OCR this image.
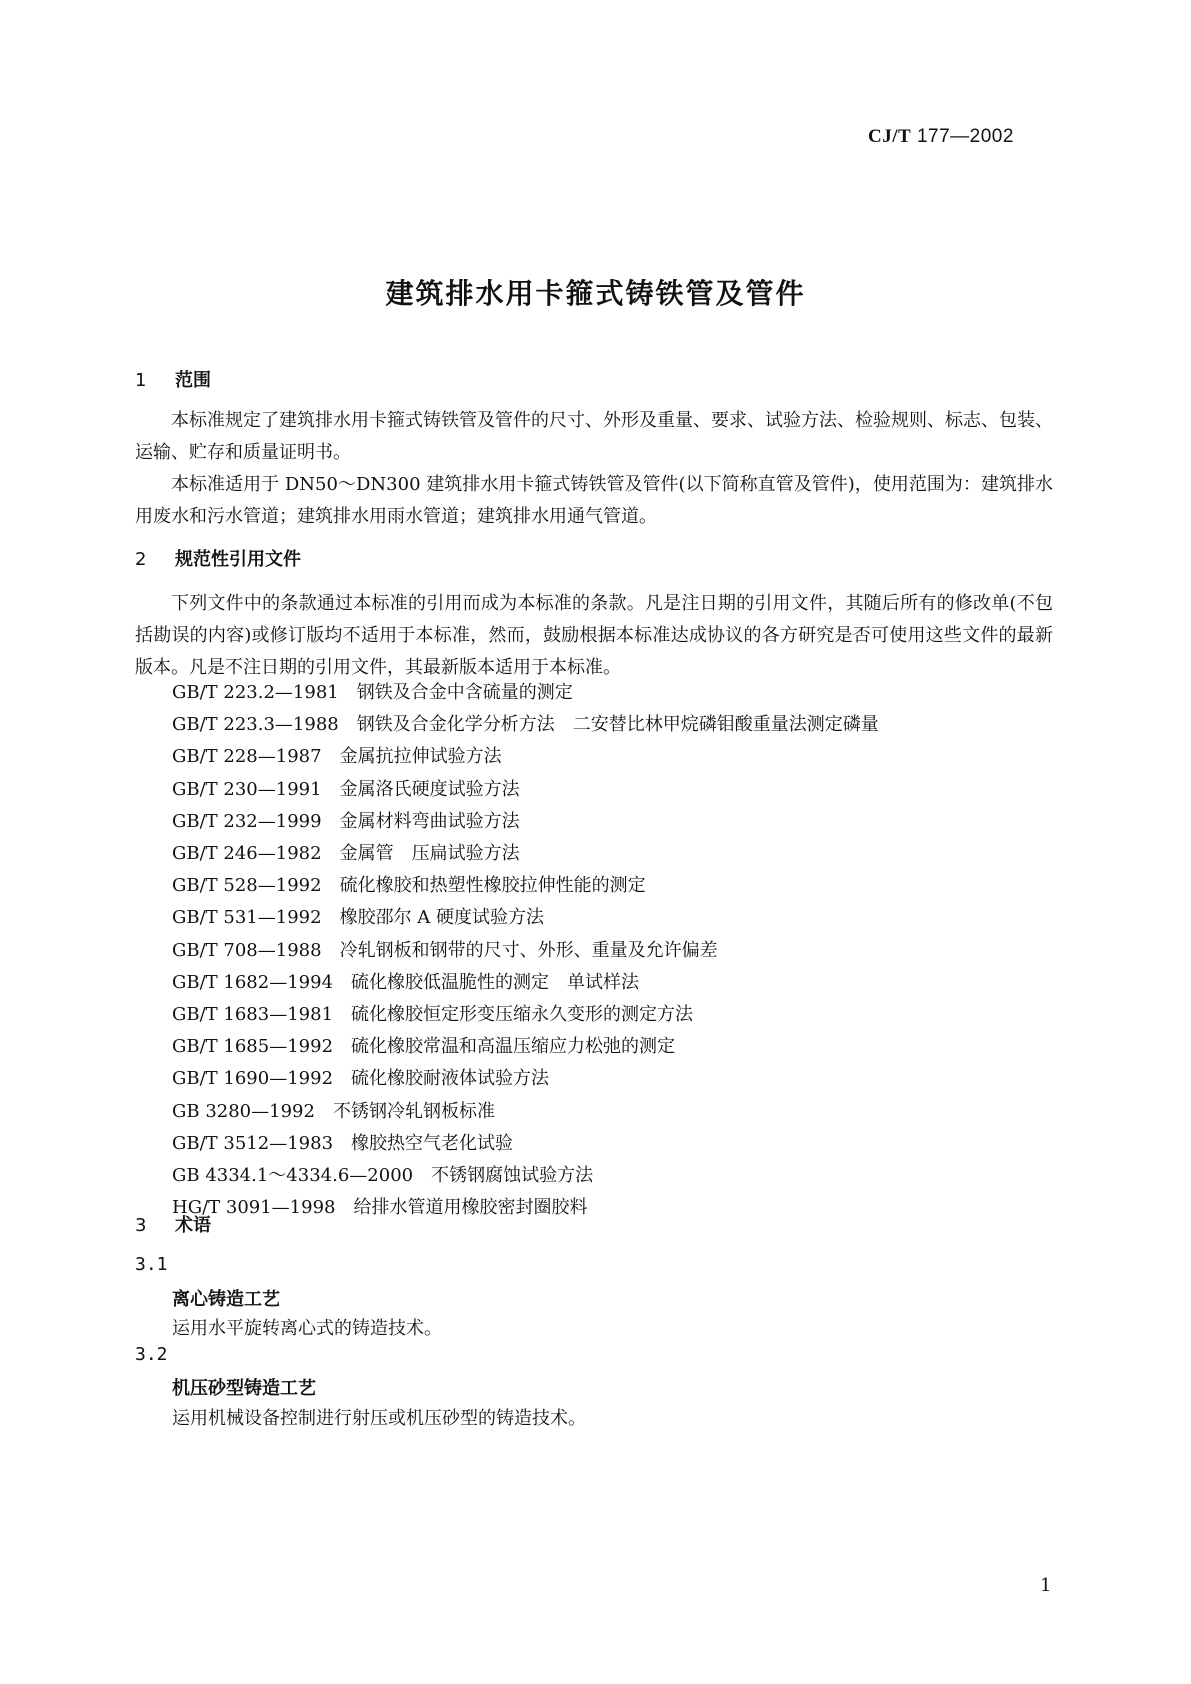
CJ/T 177—2002
建筑排水用卡箍式铸铁管及管件
1 范围

本标准规定了建筑排水用卡箍式铸铁管及管件的尺寸、外形及重量、要求、试验方法、检验规则、标志、包装、运输、贮存和质量证明书。

本标准适用于 DN50～DN300 建筑排水用卡箍式铸铁管及管件(以下简称直管及管件)，使用范围为：建筑排水用废水和污水管道；建筑排水用雨水管道；建筑排水用通气管道。

2 规范性引用文件

下列文件中的条款通过本标准的引用而成为本标准的条款。凡是注日期的引用文件，其随后所有的修改单(不包括勘误的内容)或修订版均不适用于本标准，然而，鼓励根据本标准达成协议的各方研究是否可使用这些文件的最新版本。凡是不注日期的引用文件，其最新版本适用于本标准。

GB/T 223.2—1981 钢铁及合金中含硫量的测定
GB/T 223.3—1988 钢铁及合金化学分析方法　二安替比林甲烷磷钼酸重量法测定磷量
GB/T 228—1987 金属抗拉伸试验方法
GB/T 230—1991 金属洛氏硬度试验方法
GB/T 232—1999 金属材料弯曲试验方法
GB/T 246—1982 金属管　压扁试验方法
GB/T 528—1992 硫化橡胶和热塑性橡胶拉伸性能的测定
GB/T 531—1992 橡胶邵尔 A 硬度试验方法
GB/T 708—1988 冷轧钢板和钢带的尺寸、外形、重量及允许偏差
GB/T 1682—1994 硫化橡胶低温脆性的测定　单试样法
GB/T 1683—1981 硫化橡胶恒定形变压缩永久变形的测定方法
GB/T 1685—1992 硫化橡胶常温和高温压缩应力松弛的测定
GB/T 1690—1992 硫化橡胶耐液体试验方法
GB 3280—1992 不锈钢冷轧钢板标准
GB/T 3512—1983 橡胶热空气老化试验
GB 4334.1～4334.6—2000 不锈钢腐蚀试验方法
HG/T 3091—1998 给排水管道用橡胶密封圈胶料
3 术语
3.1
离心铸造工艺
运用水平旋转离心式的铸造技术。
3.2
机压砂型铸造工艺
运用机械设备控制进行射压或机压砂型的铸造技术。
1
